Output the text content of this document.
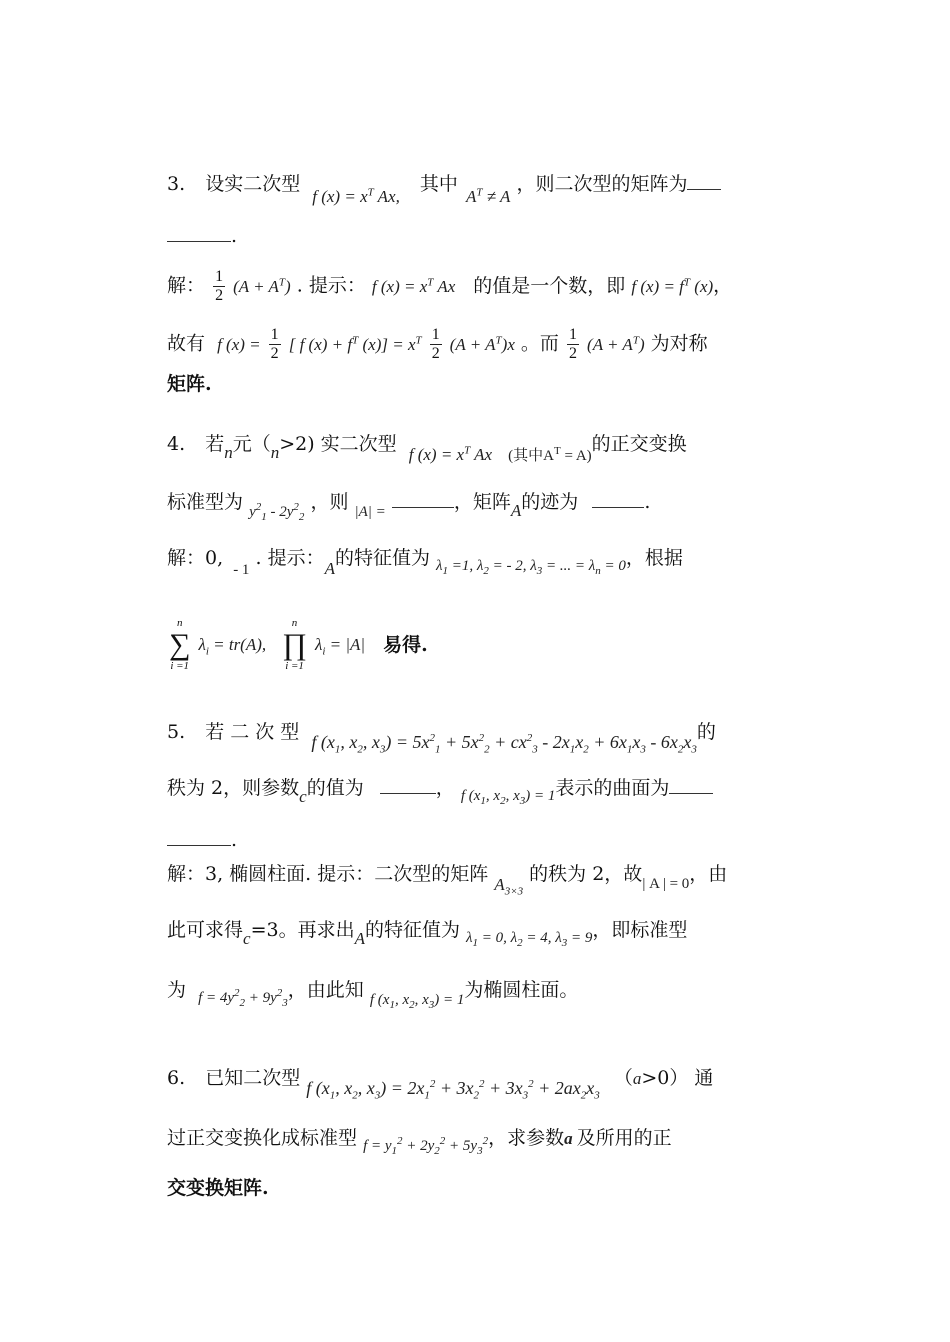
3. 设实二次型 f $(x) = x^T$ Ax, 其中 $A^T \ne A$ ，则二次型的矩阵为
.
解： $\frac{1}{2} (A + A^T)$ . 提示： f $(x) = x^T$ Ax 的值是一个数，即 f $(x) = f^T$ (x)，
故有 f $(x) = \frac{1}{2}$ [ f $(x) + f^T$ $(x)] = x^T \frac{1}{2} (A + A^T)x$ 。而 $\frac{1}{2} (A + A^T)$ 为对称
矩阵.
4. 若n元（n>2) 实二次型 f $(x) = x^T$ Ax $_{(其中A^T = A)}$的正交变换
标准型为 $_{y^2_1 - 2y^2_2}$ ，则 $_{|A| =}$	，矩阵A的迹为	.
解：0, $_{- 1}$ . 提示：A的特征值为 $_{\lambda_1 =1, \lambda_2 = - 2, \lambda_3 = ... = \lambda_n = 0}$，根据
n
∑
i =1
$\lambda_i = tr(A)$,
n
∏
i =1
$\lambda_i = |A|$ 易得.
5. 若 二 次 型 f ($x_1$, $x_2$, $x_3) = 5x^2_1 + 5x^2_2 + cx^2_3 - 2x_1x_2 + 6x_1x_3 - 6x_2x_3$的
秩为 2，则参数c的值为	， $_{f (x_1, x_2, x_3) = 1}$表示的曲面为
.
解：3, 椭圆柱面. 提示：二次型的矩阵 $A_{3\times 3}$ 的秩为 2，故$_{| A | = 0}$，由
此可求得c=3。再求出A的特征值为 $_{\lambda_1 = 0, \lambda_2 = 4, \lambda_3 = 9}$，即标准型
为 $_{f = 4y^2_2 + 9y^2_3}$，由此知 $_{f (x_1, x_2, x_3) = 1}$为椭圆柱面。
6. 已知二次型 f ($x_1$, $x_2$, $x_3) = 2x_1^2 + 3x_2^2 + 3x_3^2 + 2ax_2x_3$ （a>0） 通
过正交变换化成标准型 $_{f = y_1^2 + 2y_2^2 + 5y_3^2}$，求参数a 及所用的正
交变换矩阵.
